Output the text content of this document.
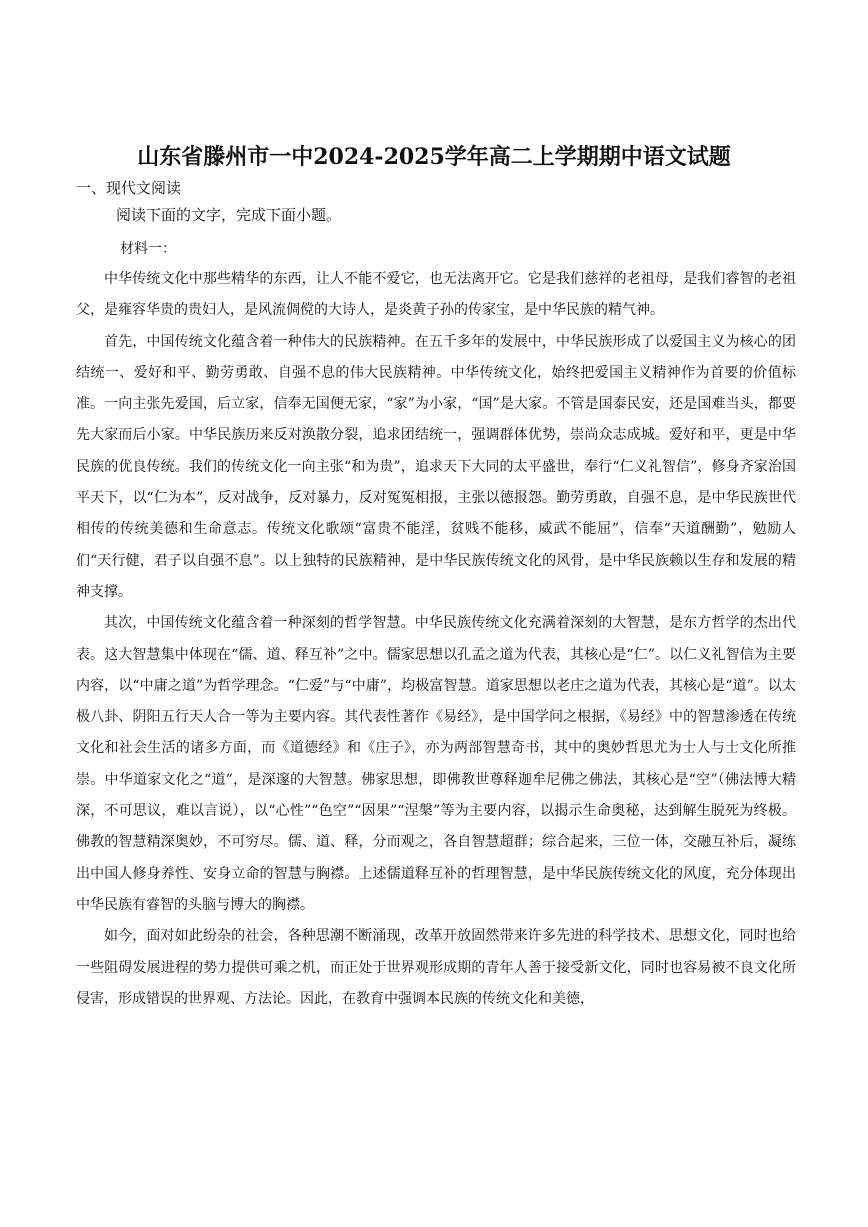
山东省滕州市一中2024-2025学年高二上学期期中语文试题
一、现代文阅读
阅读下面的文字，完成下面小题。
材料一：

中华传统文化中那些精华的东西，让人不能不爱它，也无法离开它。它是我们慈祥的老祖母，是我们睿智的老祖父，是雍容华贵的贵妇人，是风流倜傥的大诗人，是炎黄子孙的传家宝，是中华民族的精气神。

首先，中国传统文化蕴含着一种伟大的民族精神。在五千多年的发展中，中华民族形成了以爱国主义为核心的团结统一、爱好和平、勤劳勇敢、自强不息的伟大民族精神。中华传统文化，始终把爱国主义精神作为首要的价值标准。一向主张先爱国，后立家，信奉无国便无家，“家”为小家，“国”是大家。不管是国泰民安，还是国难当头，都要先大家而后小家。中华民族历来反对涣散分裂，追求团结统一，强调群体优势，崇尚众志成城。爱好和平，更是中华民族的优良传统。我们的传统文化一向主张“和为贵”，追求天下大同的太平盛世，奉行“仁义礼智信”，修身齐家治国平天下，以“仁为本”，反对战争，反对暴力，反对冤冤相报，主张以德报怨。勤劳勇敢，自强不息，是中华民族世代相传的传统美德和生命意志。传统文化歌颂“富贵不能淫，贫贱不能移，威武不能屈”，信奉“天道酬勤”，勉励人们“天行健，君子以自强不息”。以上独特的民族精神，是中华民族传统文化的风骨，是中华民族赖以生存和发展的精神支撑。

其次，中国传统文化蕴含着一种深刻的哲学智慧。中华民族传统文化充满着深刻的大智慧，是东方哲学的杰出代表。这大智慧集中体现在“儒、道、释互补”之中。儒家思想以孔孟之道为代表，其核心是“仁”。以仁义礼智信为主要内容，以“中庸之道”为哲学理念。“仁爱”与“中庸”，均极富智慧。道家思想以老庄之道为代表，其核心是“道”。以太极八卦、阴阳五行天人合一等为主要内容。其代表性著作《易经》，是中国学问之根据，《易经》中的智慧渗透在传统文化和社会生活的诸多方面，而《道德经》和《庄子》，亦为两部智慧奇书，其中的奥妙哲思尤为士人与士文化所推崇。中华道家文化之“道”，是深邃的大智慧。佛家思想，即佛教世尊释迦牟尼佛之佛法，其核心是“空”（佛法博大精深，不可思议，难以言说），以“心性”“色空”“因果”“涅槃”等为主要内容，以揭示生命奥秘，达到解生脱死为终极。佛教的智慧精深奥妙，不可穷尽。儒、道、释，分而观之，各自智慧超群；综合起来，三位一体，交融互补后，凝练出中国人修身养性、安身立命的智慧与胸襟。上述儒道释互补的哲理智慧，是中华民族传统文化的风度，充分体现出中华民族有睿智的头脑与博大的胸襟。

如今，面对如此纷杂的社会，各种思潮不断涌现，改革开放固然带来许多先进的科学技术、思想文化，同时也给一些阻碍发展进程的势力提供可乘之机，而正处于世界观形成期的青年人善于接受新文化，同时也容易被不良文化所侵害，形成错误的世界观、方法论。因此，在教育中强调本民族的传统文化和美德，
